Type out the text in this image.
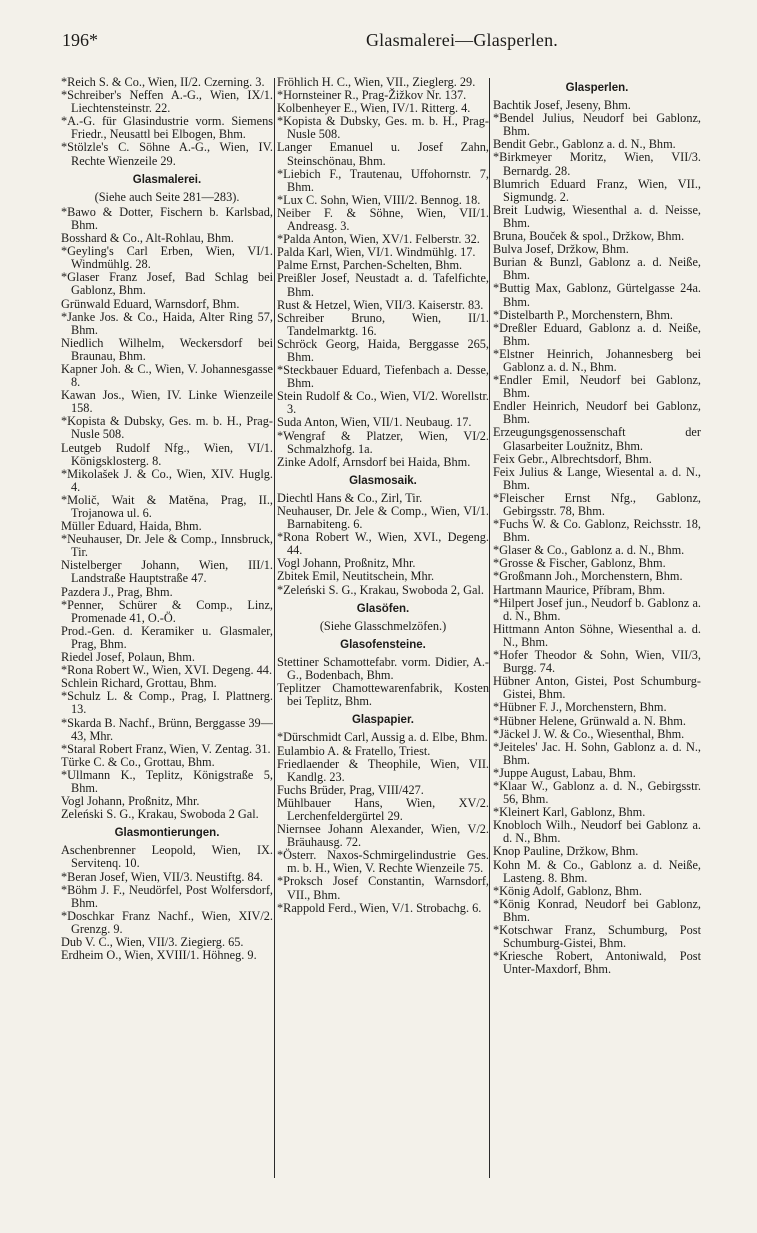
196*	Glasmalerei—Glasperlen.

*Reich S. & Co., Wien, II/2. Czerning. 3.

*Schreiber's Neffen A.-G., Wien, IX/1. Liechtensteinstr. 22.

*A.-G. für Glasindustrie vorm. Siemens Friedr., Neusattl bei Elbogen, Bhm.

*Stölzle's C. Söhne A.-G., Wien, IV. Rechte Wienzeile 29.

Glasmalerei.

(Siehe auch Seite 281—283).

*Bawo & Dotter, Fischern b. Karlsbad, Bhm.

Bosshard & Co., Alt-Rohlau, Bhm.

*Geyling's Carl Erben, Wien, VI/1. Windmühlg. 28.

*Glaser Franz Josef, Bad Schlag bei Gablonz, Bhm.

Grünwald Eduard, Warnsdorf, Bhm.

*Janke Jos. & Co., Haida, Alter Ring 57, Bhm.

Niedlich Wilhelm, Weckersdorf bei Braunau, Bhm.

Kapner Joh. & C., Wien, V. Johannesgasse 8.

Kawan Jos., Wien, IV. Linke Wienzeile 158.

*Kopista & Dubsky, Ges. m. b. H., Prag-Nusle 508.

Leutgeb Rudolf Nfg., Wien, VI/1. Königsklosterg. 8.

*Mikolašek J. & Co., Wien, XIV. Huglg. 4.

*Molič, Wait & Matěna, Prag, II., Trojanowa ul. 6.

Müller Eduard, Haida, Bhm.

*Neuhauser, Dr. Jele & Comp., Innsbruck, Tir.

Nistelberger Johann, Wien, III/1. Landstraße Hauptstraße 47.

Pazdera J., Prag, Bhm.

*Penner, Schürer & Comp., Linz, Promenade 41, O.-Ö.

Prod.-Gen. d. Keramiker u. Glasmaler, Prag, Bhm.

Riedel Josef, Polaun, Bhm.

*Rona Robert W., Wien, XVI. Degeng. 44.

Schlein Richard, Grottau, Bhm.

*Schulz L. & Comp., Prag, I. Plattnerg. 13.

*Skarda B. Nachf., Brünn, Berggasse 39—43, Mhr.

*Staral Robert Franz, Wien, V. Zentag. 31.

Türke C. & Co., Grottau, Bhm.

*Ullmann K., Teplitz, Königstraße 5, Bhm.

Vogl Johann, Proßnitz, Mhr.

Zeleński S. G., Krakau, Swoboda 2 Gal.

Glasmontierungen.

Aschenbrenner Leopold, Wien, IX. Servitenq. 10.

*Beran Josef, Wien, VII/3. Neustiftg. 84.

*Böhm J. F., Neudörfel, Post Wolfersdorf, Bhm.

*Doschkar Franz Nachf., Wien, XIV/2. Grenzg. 9.

Dub V. C., Wien, VII/3. Ziegierg. 65.

Erdheim O., Wien, XVIII/1. Höhneg. 9.

Fröhlich H. C., Wien, VII., Zieglerg. 29.

*Hornsteiner R., Prag-Žižkov Nr. 137.

Kolbenheyer E., Wien, IV/1. Ritterg. 4.

*Kopista & Dubsky, Ges. m. b. H., Prag-Nusle 508.

Langer Emanuel u. Josef Zahn, Steinschönau, Bhm.

*Liebich F., Trautenau, Uffohornstr. 7, Bhm.

*Lux C. Sohn, Wien, VIII/2. Bennog. 18.

Neiber F. & Söhne, Wien, VII/1. Andreasg. 3.

*Palda Anton, Wien, XV/1. Felberstr. 32.

Palda Karl, Wien, VI/1. Windmühlg. 17.

Palme Ernst, Parchen-Schelten, Bhm.

Preißler Josef, Neustadt a. d. Tafelfichte, Bhm.

Rust & Hetzel, Wien, VII/3. Kaiserstr. 83.

Schreiber Bruno, Wien, II/1. Tandelmarktg. 16.

Schröck Georg, Haida, Berggasse 265, Bhm.

*Steckbauer Eduard, Tiefenbach a. Desse, Bhm.

Stein Rudolf & Co., Wien, VI/2. Worellstr. 3.

Suda Anton, Wien, VII/1. Neubaug. 17.

*Wengraf & Platzer, Wien, VI/2. Schmalzhofg. 1a.

Zinke Adolf, Arnsdorf bei Haida, Bhm.

Glasmosaik.

Diechtl Hans & Co., Zirl, Tir.

Neuhauser, Dr. Jele & Comp., Wien, VI/1. Barnabiteng. 6.

*Rona Robert W., Wien, XVI., Degeng. 44.

Vogl Johann, Proßnitz, Mhr.

Zbitek Emil, Neutitschein, Mhr.

*Zeleński S. G., Krakau, Swoboda 2, Gal.

Glasöfen.

(Siehe Glasschmelzöfen.)

Glasofensteine.

Stettiner Schamottefabr. vorm. Didier, A.-G., Bodenbach, Bhm.

Teplitzer Chamottewarenfabrik, Kosten bei Teplitz, Bhm.

Glaspapier.

*Dürschmidt Carl, Aussig a. d. Elbe, Bhm.

Eulambio A. & Fratello, Triest.

Friedlaender & Theophile, Wien, VII. Kandlg. 23.

Fuchs Brüder, Prag, VIII/427.

Mühlbauer Hans, Wien, XV/2. Lerchenfeldergürtel 29.

Niernsee Johann Alexander, Wien, V/2. Bräuhausg. 72.

*Österr. Naxos-Schmirgelindustrie Ges. m. b. H., Wien, V. Rechte Wienzeile 75.

*Proksch Josef Constantin, Warnsdorf, VII., Bhm.

*Rappold Ferd., Wien, V/1. Strobachg. 6.

Glasperlen.

Bachtik Josef, Jeseny, Bhm.

*Bendel Julius, Neudorf bei Gablonz, Bhm.

Bendit Gebr., Gablonz a. d. N., Bhm.

*Birkmeyer Moritz, Wien, VII/3. Bernardg. 28.

Blumrich Eduard Franz, Wien, VII., Sigmundg. 2.

Breit Ludwig, Wiesenthal a. d. Neisse, Bhm.

Bruna, Bouček & spol., Držkow, Bhm.

Bulva Josef, Držkow, Bhm.

Burian & Bunzl, Gablonz a. d. Neiße, Bhm.

*Buttig Max, Gablonz, Gürtelgasse 24a. Bhm.

*Distelbarth P., Morchenstern, Bhm.

*Dreßler Eduard, Gablonz a. d. Neiße, Bhm.

*Elstner Heinrich, Johannesberg bei Gablonz a. d. N., Bhm.

*Endler Emil, Neudorf bei Gablonz, Bhm.

Endler Heinrich, Neudorf bei Gablonz, Bhm.

Erzeugungsgenossenschaft der Glasarbeiter Loužnitz, Bhm.

Feix Gebr., Albrechtsdorf, Bhm.

Feix Julius & Lange, Wiesental a. d. N., Bhm.

*Fleischer Ernst Nfg., Gablonz, Gebirgsstr. 78, Bhm.

*Fuchs W. & Co. Gablonz, Reichsstr. 18, Bhm.

*Glaser & Co., Gablonz a. d. N., Bhm.

*Grosse & Fischer, Gablonz, Bhm.

*Großmann Joh., Morchenstern, Bhm.

Hartmann Maurice, Příbram, Bhm.

*Hilpert Josef jun., Neudorf b. Gablonz a. d. N., Bhm.

Hittmann Anton Söhne, Wiesenthal a. d. N., Bhm.

*Hofer Theodor & Sohn, Wien, VII/3, Burgg. 74.

Hübner Anton, Gistei, Post Schumburg-Gistei, Bhm.

*Hübner F. J., Morchenstern, Bhm.

*Hübner Helene, Grünwald a. N. Bhm.

*Jäckel J. W. & Co., Wiesenthal, Bhm.

*Jeiteles' Jac. H. Sohn, Gablonz a. d. N., Bhm.

*Juppe August, Labau, Bhm.

*Klaar W., Gablonz a. d. N., Gebirgsstr. 56, Bhm.

*Kleinert Karl, Gablonz, Bhm.

Knobloch Wilh., Neudorf bei Gablonz a. d. N., Bhm.

Knop Pauline, Držkow, Bhm.

Kohn M. & Co., Gablonz a. d. Neiße, Lasteng. 8. Bhm.

*König Adolf, Gablonz, Bhm.

*König Konrad, Neudorf bei Gablonz, Bhm.

*Kotschwar Franz, Schumburg, Post Schumburg-Gistei, Bhm.

*Kriesche Robert, Antoniwald, Post Unter-Maxdorf, Bhm.
